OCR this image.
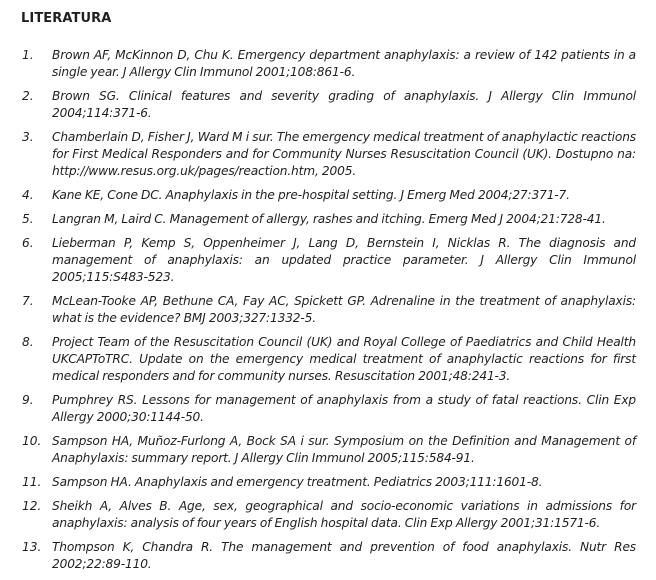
LITERATURA
1.	Brown AF, McKinnon D, Chu K. Emergency department anaphylaxis: a review of 142 patients in a single year. J Allergy Clin Immunol 2001;108:861-6.
2.	Brown SG. Clinical features and severity grading of anaphylaxis. J Allergy Clin Immunol 2004;114:371-6.
3.	Chamberlain D, Fisher J, Ward M i sur. The emergency medical treatment of anaphylactic reactions for First Medical Responders and for Community Nurses Resuscitation Council (UK). Dostupno na: http://www.resus.org.uk/pages/reaction.htm, 2005.
4.	Kane KE, Cone DC. Anaphylaxis in the pre-hospital setting. J Emerg Med 2004;27:371-7.
5.	Langran M, Laird C. Management of allergy, rashes and itching. Emerg Med J 2004;21:728-41.
6.	Lieberman P, Kemp S, Oppenheimer J, Lang D, Bernstein I, Nicklas R. The diagnosis and management of anaphylaxis: an updated practice parameter. J Allergy Clin Immunol 2005;115:S483-523.
7.	McLean-Tooke AP, Bethune CA, Fay AC, Spickett GP. Adrenaline in the treatment of anaphylaxis: what is the evidence? BMJ 2003;327:1332-5.
8.	Project Team of the Resuscitation Council (UK) and Royal College of Paediatrics and Child Health UKCAPToTRC. Update on the emergency medical treatment of anaphylactic reactions for first medical responders and for community nurses. Resuscitation 2001;48:241-3.
9.	Pumphrey RS. Lessons for management of anaphylaxis from a study of fatal reactions. Clin Exp Allergy 2000;30:1144-50.
10. Sampson HA, Muñoz-Furlong A, Bock SA i sur. Symposium on the Definition and Management of Anaphylaxis: summary report. J Allergy Clin Immunol 2005;115:584-91.
11. Sampson HA. Anaphylaxis and emergency treatment. Pediatrics 2003;111:1601-8.
12. Sheikh A, Alves B. Age, sex, geographical and socio-economic variations in admissions for anaphylaxis: analysis of four years of English hospital data. Clin Exp Allergy 2001;31:1571-6.
13. Thompson K, Chandra R. The management and prevention of food anaphylaxis. Nutr Res 2002;22:89-110.
